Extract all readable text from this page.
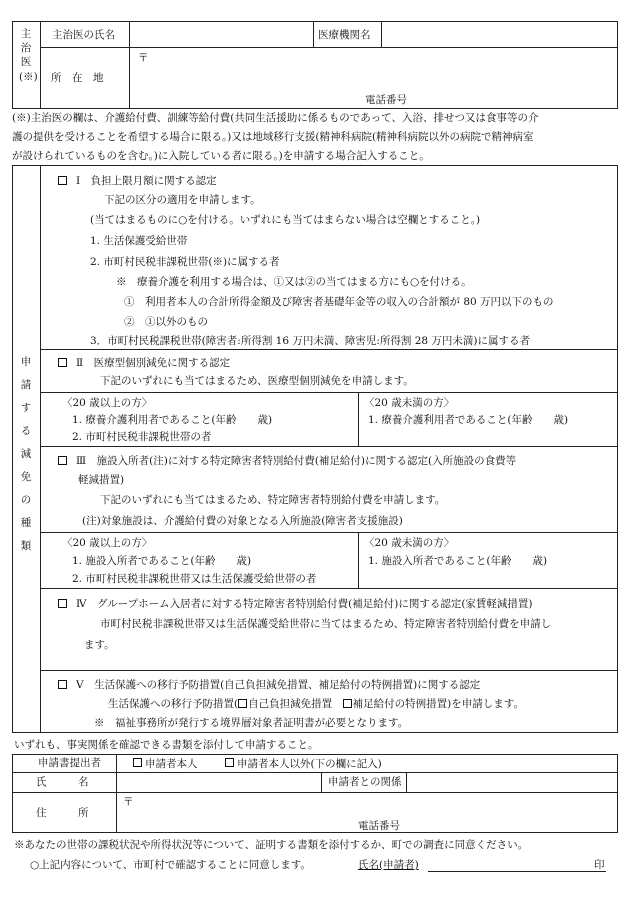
主治医(※)
主治医の氏名	医療機関名
所　在　地
〒
電話番号
(※)主治医の欄は、介護給付費、訓練等給付費(共同生活援助に係るものであって、入浴、排せつ又は食事等の介
護の提供を受けることを希望する場合に限る。)又は地域移行支援(精神科病院(精神科病院以外の病院で精神病室
が設けられているものを含む。)に入院している者に限る。)を申請する場合記入すること。
申請する減免の種類
Ⅰ　負担上限月額に関する認定
下記の区分の適用を申請します。
(当てはまるものに○を付ける。いずれにも当てはまらない場合は空欄とすること。)
1. 生活保護受給世帯
2. 市町村民税非課税世帯(※)に属する者
※　療養介護を利用する場合は、①又は②の当てはまる方にも○を付ける。
①　利用者本人の合計所得金額及び障害者基礎年金等の収入の合計額が 80 万円以下のもの
②　①以外のもの
3．市町村民税課税世帯(障害者:所得割 16 万円未満、障害児:所得割 28 万円未満)に属する者
Ⅱ　医療型個別減免に関する認定
下記のいずれにも当てはまるため、医療型個別減免を申請します。
〈20 歳以上の方〉
1. 療養介護利用者であること(年齢　　歳)
2. 市町村民税非課税世帯の者
〈20 歳未満の方〉
1. 療養介護利用者であること(年齢　　歳)
Ⅲ　施設入所者(注)に対する特定障害者特別給付費(補足給付)に関する認定(入所施設の食費等
軽減措置)
下記のいずれにも当てはまるため、特定障害者特別給付費を申請します。
(注)対象施設は、介護給付費の対象となる入所施設(障害者支援施設)
〈20 歳以上の方〉
1. 施設入所者であること(年齢　　歳)
2. 市町村民税非課税世帯又は生活保護受給世帯の者
〈20 歳未満の方〉
1. 施設入所者であること(年齢　　歳)
Ⅳ　グループホーム入居者に対する特定障害者特別給付費(補足給付)に関する認定(家賃軽減措置)
市町村民税非課税世帯又は生活保護受給世帯に当てはまるため、特定障害者特別給付費を申請し
ます。
Ⅴ　生活保護への移行予防措置(自己負担減免措置、補足給付の特例措置)に関する認定
生活保護への移行予防措置( 自己負担減免措置　 補足給付の特例措置)を申請します。
※　福祉事務所が発行する境界層対象者証明書が必要となります。
いずれも、事実関係を確認できる書類を添付して申請すること。
申請書提出者	申請者本人	申請者本人以外(下の欄に記入)
氏　　　名	申請者との関係
住　　　所
〒
電話番号
※あなたの世帯の課税状況や所得状況等について、証明する書類を添付するか、町での調査に同意ください。
○上記内容について、市町村で確認することに同意します。	氏名(申請者)	印
